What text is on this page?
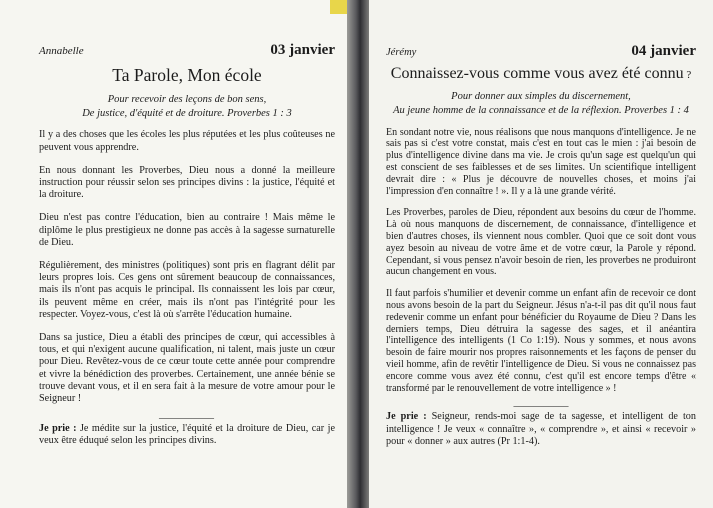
Annabelle	03 janvier
Ta Parole, Mon école
Pour recevoir des leçons de bon sens,
De justice, d'équité et de droiture. Proverbes 1 : 3

Il y a des choses que les écoles les plus réputées et les plus coûteuses ne peuvent vous apprendre.

En nous donnant les Proverbes, Dieu nous a donné la meilleure instruction pour réussir selon ses principes divins : la justice, l'équité et la droiture.

Dieu n'est pas contre l'éducation, bien au contraire ! Mais même le diplôme le plus prestigieux ne donne pas accès à la sagesse surnaturelle de Dieu.

Régulièrement, des ministres (politiques) sont pris en flagrant délit par leurs propres lois. Ces gens ont sûrement beaucoup de connaissances, mais ils n'ont pas acquis le principal. Ils connaissent les lois par cœur, ils peuvent même en créer, mais ils n'ont pas l'intégrité pour les respecter. Voyez-vous, c'est là où s'arrête l'éducation humaine.

Dans sa justice, Dieu a établi des principes de cœur, qui accessibles à tous, et qui n'exigent aucune qualification, ni talent, mais juste un cœur pour Dieu. Revêtez-vous de ce cœur toute cette année pour comprendre et vivre la bénédiction des proverbes. Certainement, une année bénie se trouve devant vous, et il en sera fait à la mesure de votre amour pour le Seigneur !

___________
Je prie : Je médite sur la justice, l'équité et la droiture de Dieu, car je veux être éduqué selon les principes divins.
Jérémy	04 janvier
Connaissez-vous comme vous avez été connu ?
Pour donner aux simples du discernement,
Au jeune homme de la connaissance et de la réflexion. Proverbes 1 : 4

En sondant notre vie, nous réalisons que nous manquons d'intelligence. Je ne sais pas si c'est votre constat, mais c'est en tout cas le mien : j'ai besoin de plus d'intelligence divine dans ma vie. Je crois qu'un sage est quelqu'un qui est conscient de ses faiblesses et de ses limites. Un scientifique intelligent devrait dire : « Plus je découvre de nouvelles choses, et moins j'ai l'impression d'en connaître ! ». Il y a là une grande vérité.

Les Proverbes, paroles de Dieu, répondent aux besoins du cœur de l'homme. Là où nous manquons de discernement, de connaissance, d'intelligence et bien d'autres choses, ils viennent nous combler. Quoi que ce soit dont vous ayez besoin au niveau de votre âme et de votre cœur, la Parole y répond. Cependant, si vous pensez n'avoir besoin de rien, les proverbes ne produiront aucun changement en vous.

Il faut parfois s'humilier et devenir comme un enfant afin de recevoir ce dont nous avons besoin de la part du Seigneur. Jésus n'a-t-il pas dit qu'il nous faut redevenir comme un enfant pour bénéficier du Royaume de Dieu ? Dans les derniers temps, Dieu détruira la sagesse des sages, et il anéantira l'intelligence des intelligents (1 Co 1:19). Nous y sommes, et nous avons besoin de faire mourir nos propres raisonnements et les façons de penser du vieil homme, afin de revêtir l'intelligence de Dieu. Si vous ne connaissez pas encore comme vous avez été connu, c'est qu'il est encore temps d'être « transformé par le renouvellement de votre intelligence » !

___________
Je prie : Seigneur, rends-moi sage de ta sagesse, et intelligent de ton intelligence ! Je veux « connaître », « comprendre », et ainsi « recevoir » pour « donner » aux autres (Pr 1:1-4).
